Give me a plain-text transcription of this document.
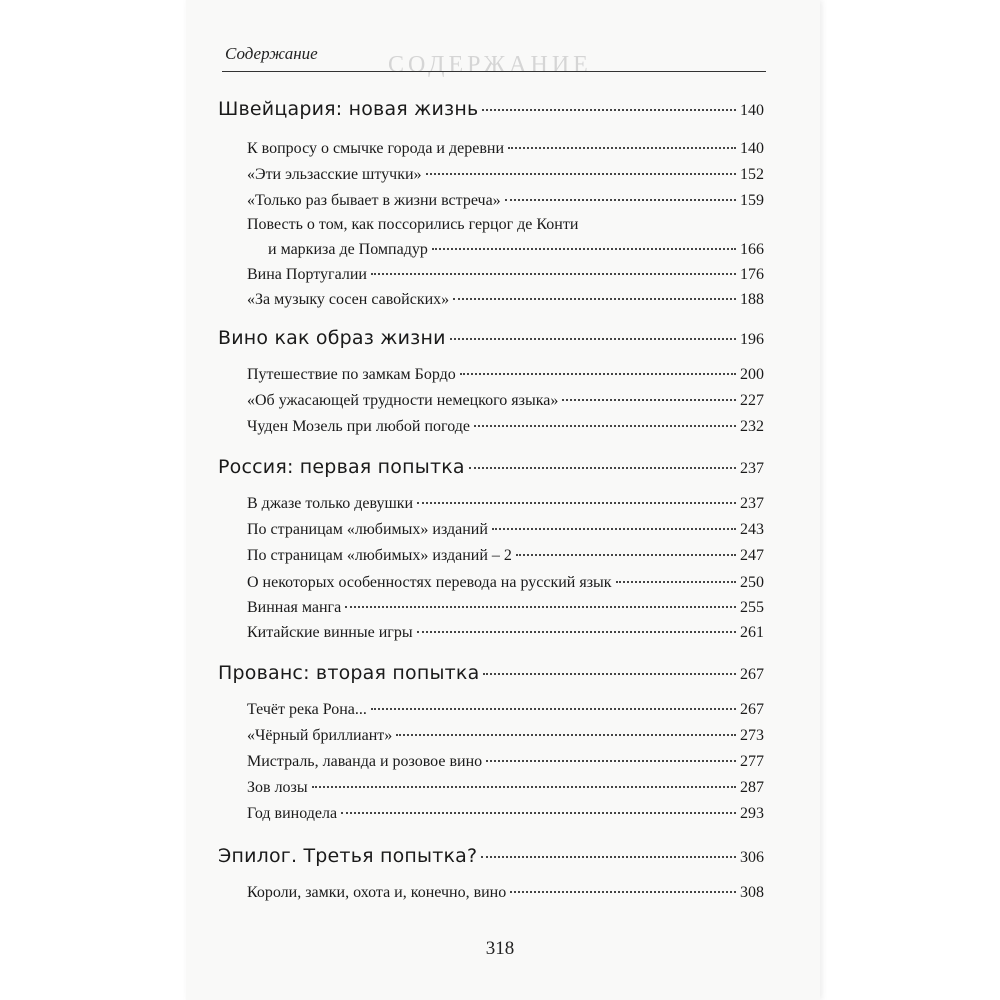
СОДЕРЖАНИЕ
Содержание
Швейцария: новая жизнь	140
К вопросу о смычке города и деревни	140
«Эти эльзасские штучки»	152
«Только раз бывает в жизни встреча»	159
Повесть о том, как поссорились герцог де Конти
и маркиза де Помпадур	166
Вина Португалии	176
«За музыку сосен савойских»	188
Вино как образ жизни	196
Путешествие по замкам Бордо	200
«Об ужасающей трудности немецкого языка»	227
Чуден Мозель при любой погоде	232
Россия: первая попытка	237
В джазе только девушки	237
По страницам «любимых» изданий	243
По страницам «любимых» изданий – 2	247
О некоторых особенностях перевода на русский язык	250
Винная манга	255
Китайские винные игры	261
Прованс: вторая попытка	267
Течёт река Рона...	267
«Чёрный бриллиант»	273
Мистраль, лаванда и розовое вино	277
Зов лозы	287
Год винодела	293
Эпилог. Третья попытка?	306
Короли, замки, охота и, конечно, вино	308
318
